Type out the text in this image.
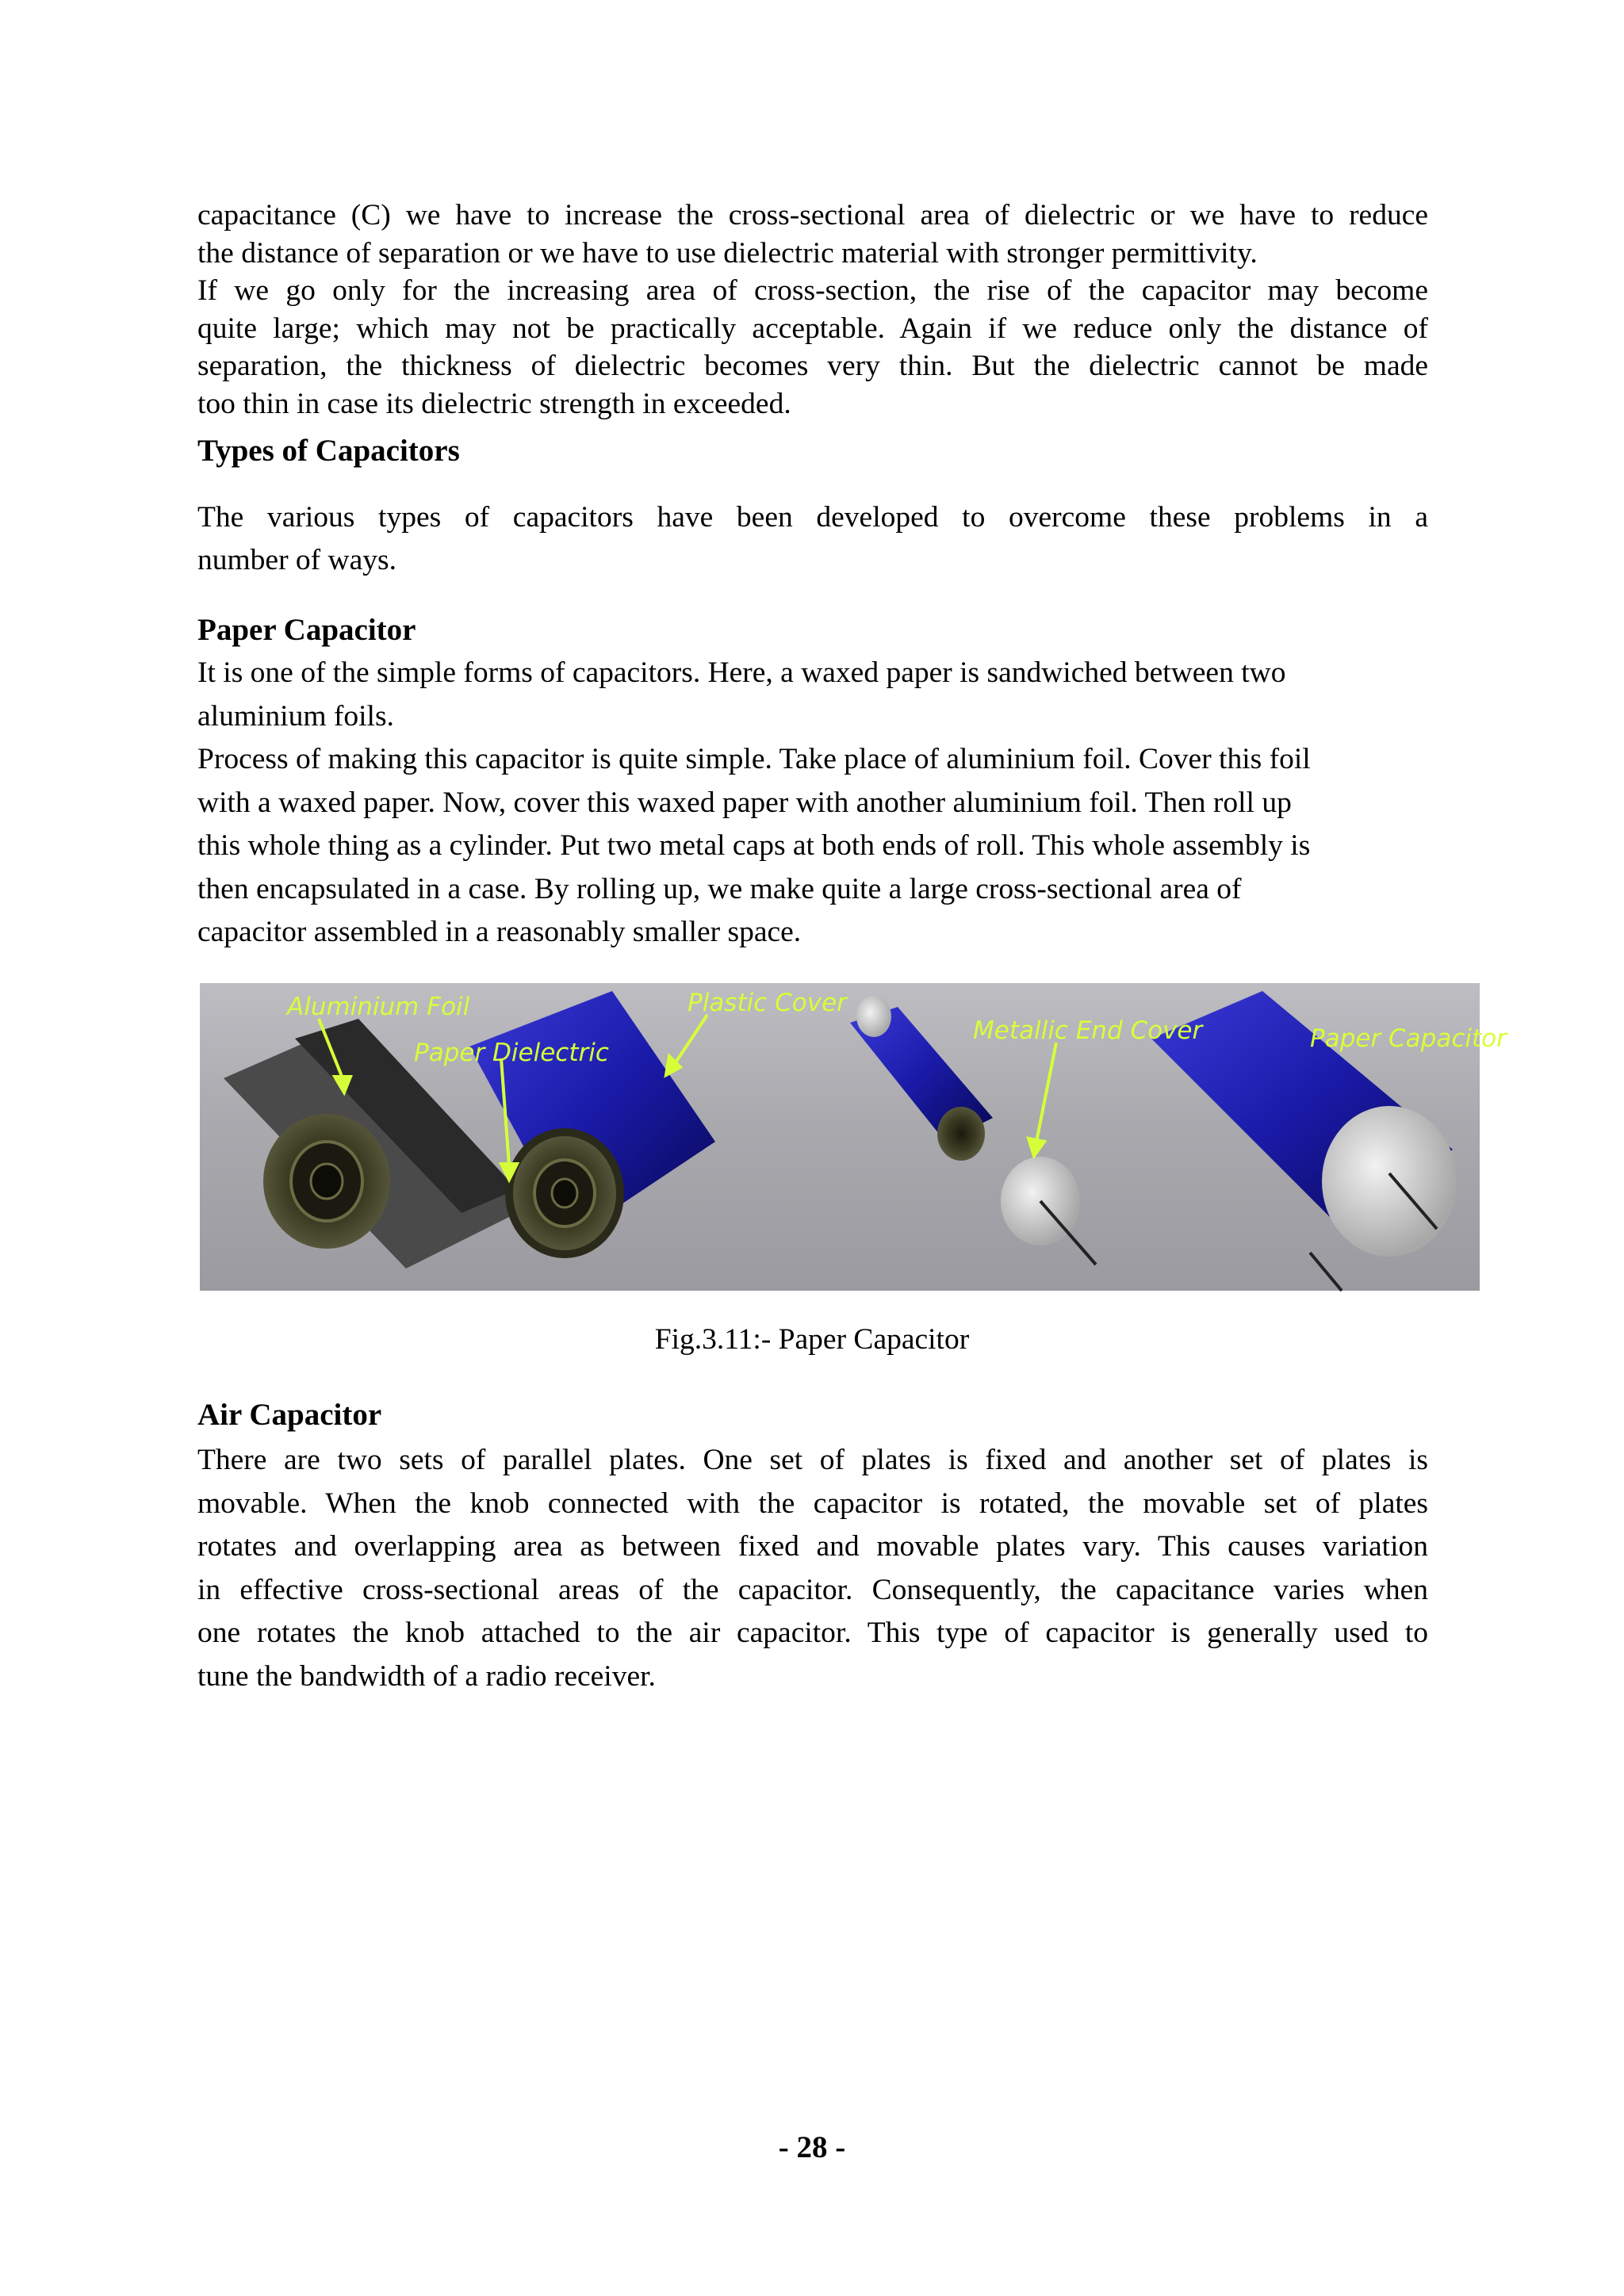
capacitance (C) we have to increase the cross-sectional area of dielectric or we have to reduce
the distance of separation or we have to use dielectric material with stronger permittivity.
If we go only for the increasing area of cross-section, the rise of the capacitor may become
quite large; which may not be practically acceptable. Again if we reduce only the distance of
separation, the thickness of dielectric becomes very thin. But the dielectric cannot be made
too thin in case its dielectric strength in exceeded.
Types of Capacitors
The various types of capacitors have been developed to overcome these problems in a
number of ways.
Paper Capacitor
It is one of the simple forms of capacitors. Here, a waxed paper is sandwiched between two
aluminium foils.
Process of making this capacitor is quite simple. Take place of aluminium foil. Cover this foil
with a waxed paper. Now, cover this waxed paper with another aluminium foil. Then roll up
this whole thing as a cylinder. Put two metal caps at both ends of roll. This whole assembly is
then encapsulated in a case. By rolling up, we make quite a large cross-sectional area of
capacitor assembled in a reasonably smaller space.
Aluminium Foil
Paper Dielectric
Plastic Cover
Metallic End Cover	Paper Capacitor
Fig.3.11:- Paper Capacitor
Air Capacitor
There are two sets of parallel plates. One set of plates is fixed and another set of plates is
movable. When the knob connected with the capacitor is rotated, the movable set of plates
rotates and overlapping area as between fixed and movable plates vary. This causes variation
in effective cross-sectional areas of the capacitor. Consequently, the capacitance varies when
one rotates the knob attached to the air capacitor. This type of capacitor is generally used to
tune the bandwidth of a radio receiver.
- 28 -
